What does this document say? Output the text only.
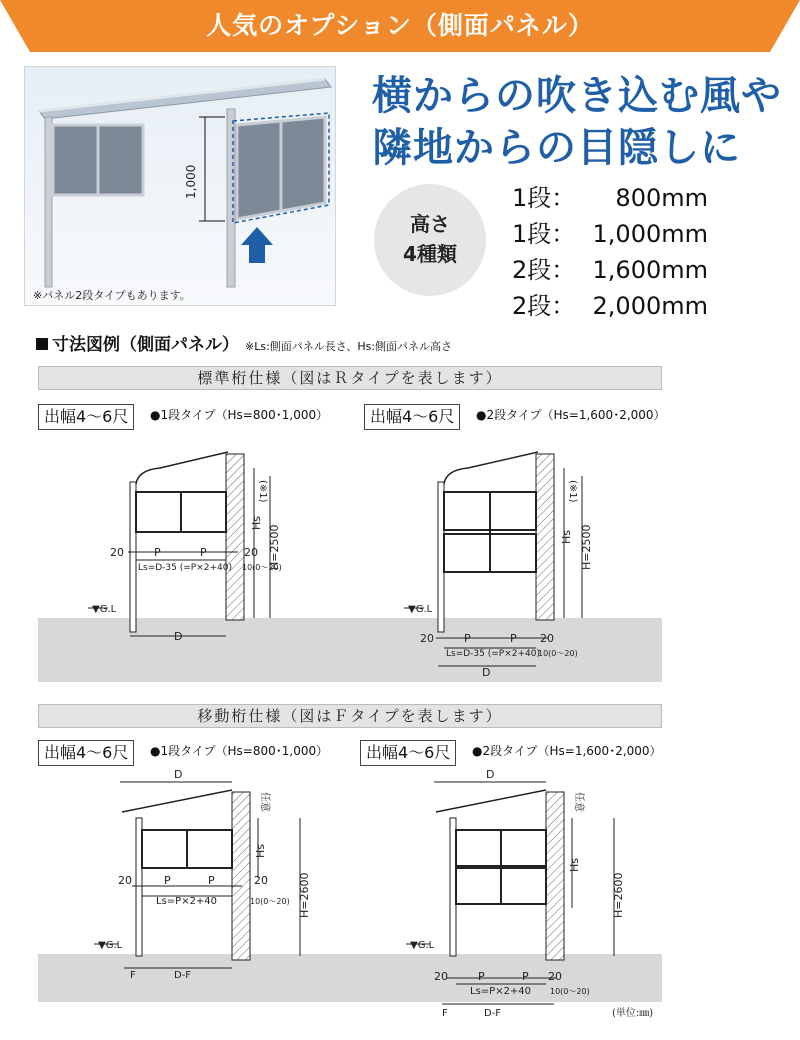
人気のオプション（側面パネル）
1,000
※パネル2段タイプもあります。
横からの吹き込む風や
隣地からの目隠しに
高さ
4種類
1段： 800mm
1段： 1,000mm
2段： 1,600mm
2段： 2,000mm
寸法図例（側面パネル） ※Ls:側面パネル長さ、Hs:側面パネル高さ
標準桁仕様（図はＲタイプを表します）
出幅4〜6尺	●1段タイプ（Hs=800･1,000）	出幅4〜6尺	●2段タイプ（Hs=1,600･2,000）
▼G.L
20	P	P	20
10(0〜20)
Ls=D-35 (=P×2+40)
Hs
H=2500
(※1)
D
▼G.L
Hs H=2500
(※1)
20	P	P 20
10(0〜20)
Ls=D-35 (=P×2+40)
D
移動桁仕様（図はＦタイプを表します）
出幅4〜6尺	●1段タイプ（Hs=800･1,000）	出幅4〜6尺	●2段タイプ（Hs=1,600･2,000）
D
20	P	P	20
Ls=P×2+40	10(0〜20)
Hs
H=2600
任意
▼G.L
F	D-F
D
Hs
H=2600
任意
▼G.L
20	P	P 20
Ls=P×2+40 10(0〜20)
F	D-F	(単位:㎜)
